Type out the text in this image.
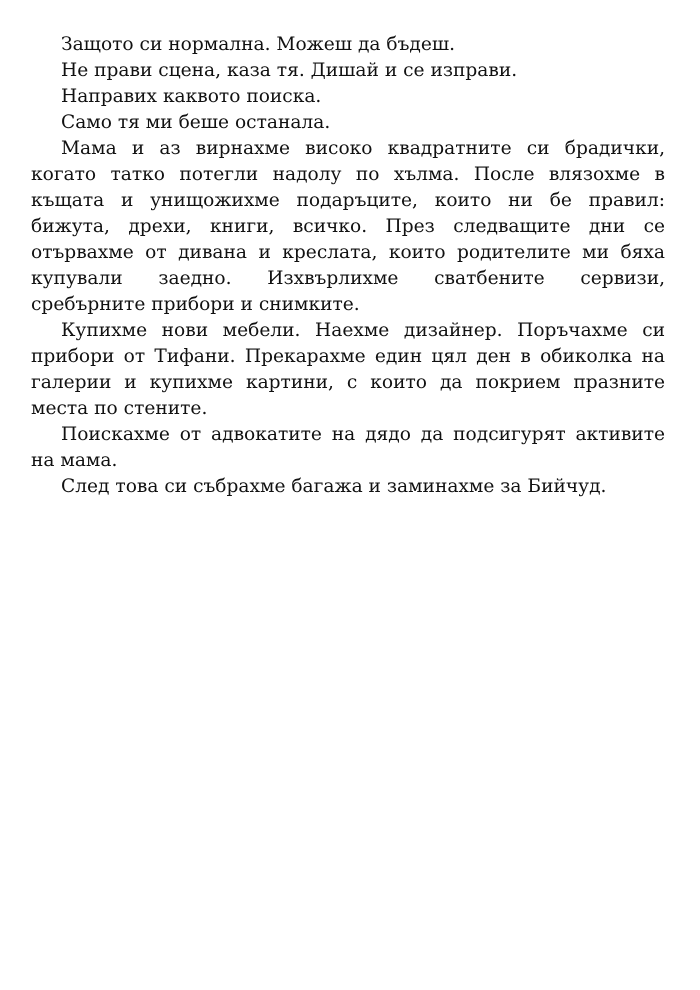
Защото си нормална. Можеш да бъдеш.

Не прави сцена, каза тя. Дишай и се изправи.

Направих каквото поиска.

Само тя ми беше останала.

Мама и аз вирнахме високо квадратните си брадички, когато татко потегли надолу по хълма. После влязохме в къщата и унищожихме подаръците, които ни бе правил: бижута, дрехи, книги, всичко. През следващите дни се отървахме от дивана и креслата, които родителите ми бяха купували заедно. Изхвърлихме сватбените сервизи, сребърните прибори и снимките.

Купихме нови мебели. Наехме дизайнер. Поръчахме си прибори от Тифани. Прекарахме един цял ден в обиколка на галерии и купихме картини, с които да покрием празните места по стените.

Поискахме от адвокатите на дядо да подсигурят активите на мама.

След това си събрахме багажа и заминахме за Бийчуд.
